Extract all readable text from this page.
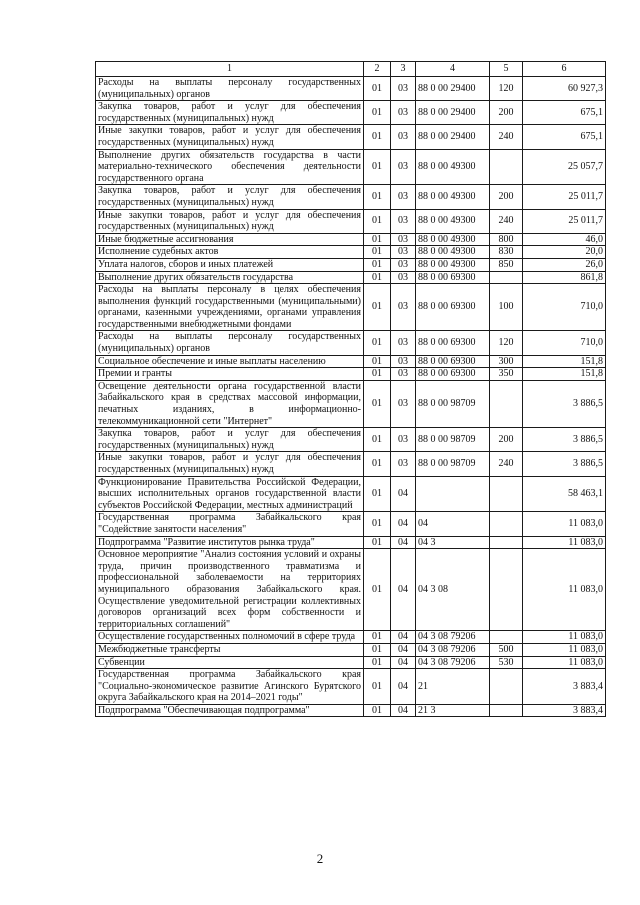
1	2	3	4	5	6
Расходы на выплаты персоналу государственных (муниципальных) органов	01	03	88 0 00 29400	120	60 927,3
Закупка товаров, работ и услуг для обеспечения государственных (муниципальных) нужд	01	03	88 0 00 29400	200	675,1
Иные закупки товаров, работ и услуг для обеспечения государственных (муниципальных) нужд	01	03	88 0 00 29400	240	675,1
Выполнение других обязательств государства в части материально-технического обеспечения деятельности государственного органа	01	03	88 0 00 49300		25 057,7
Закупка товаров, работ и услуг для обеспечения государственных (муниципальных) нужд	01	03	88 0 00 49300	200	25 011,7
Иные закупки товаров, работ и услуг для обеспечения государственных (муниципальных) нужд	01	03	88 0 00 49300	240	25 011,7
Иные бюджетные ассигнования	01	03	88 0 00 49300	800	46,0
Исполнение судебных актов	01	03	88 0 00 49300	830	20,0
Уплата налогов, сборов и иных платежей	01	03	88 0 00 49300	850	26,0
Выполнение других обязательств государства	01	03	88 0 00 69300		861,8
Расходы на выплаты персоналу в целях обеспечения выполнения функций государственными (муниципальными) органами, казенными учреждениями, органами управления государственными внебюджетными фондами	01	03	88 0 00 69300	100	710,0
Расходы на выплаты персоналу государственных (муниципальных) органов	01	03	88 0 00 69300	120	710,0
Социальное обеспечение и иные выплаты населению	01	03	88 0 00 69300	300	151,8
Премии и гранты	01	03	88 0 00 69300	350	151,8
Освещение деятельности органа государственной власти Забайкальского края в средствах массовой информации, печатных изданиях, в информационно-телекоммуникационной сети "Интернет"	01	03	88 0 00 98709		3 886,5
Закупка товаров, работ и услуг для обеспечения государственных (муниципальных) нужд	01	03	88 0 00 98709	200	3 886,5
Иные закупки товаров, работ и услуг для обеспечения государственных (муниципальных) нужд	01	03	88 0 00 98709	240	3 886,5
Функционирование Правительства Российской Федерации, высших исполнительных органов государственной власти субъектов Российской Федерации, местных администраций	01	04			58 463,1
Государственная программа Забайкальского края "Содействие занятости населения"	01	04	04		11 083,0
Подпрограмма "Развитие институтов рынка труда"	01	04	04 3		11 083,0
Основное мероприятие "Анализ состояния условий и охраны труда, причин производственного травматизма и профессиональной заболеваемости на территориях муниципального образования Забайкальского края. Осуществление уведомительной регистрации коллективных договоров организаций всех форм собственности и территориальных соглашений"	01	04	04 3 08		11 083,0
Осуществление государственных полномочий в сфере труда	01	04	04 3 08 79206		11 083,0
Межбюджетные трансферты	01	04	04 3 08 79206	500	11 083,0
Субвенции	01	04	04 3 08 79206	530	11 083,0
Государственная программа Забайкальского края "Социально-экономическое развитие Агинского Бурятского округа Забайкальского края на 2014–2021 годы"	01	04	21		3 883,4
Подпрограмма "Обеспечивающая подпрограмма"	01	04	21 3		3 883,4
2
